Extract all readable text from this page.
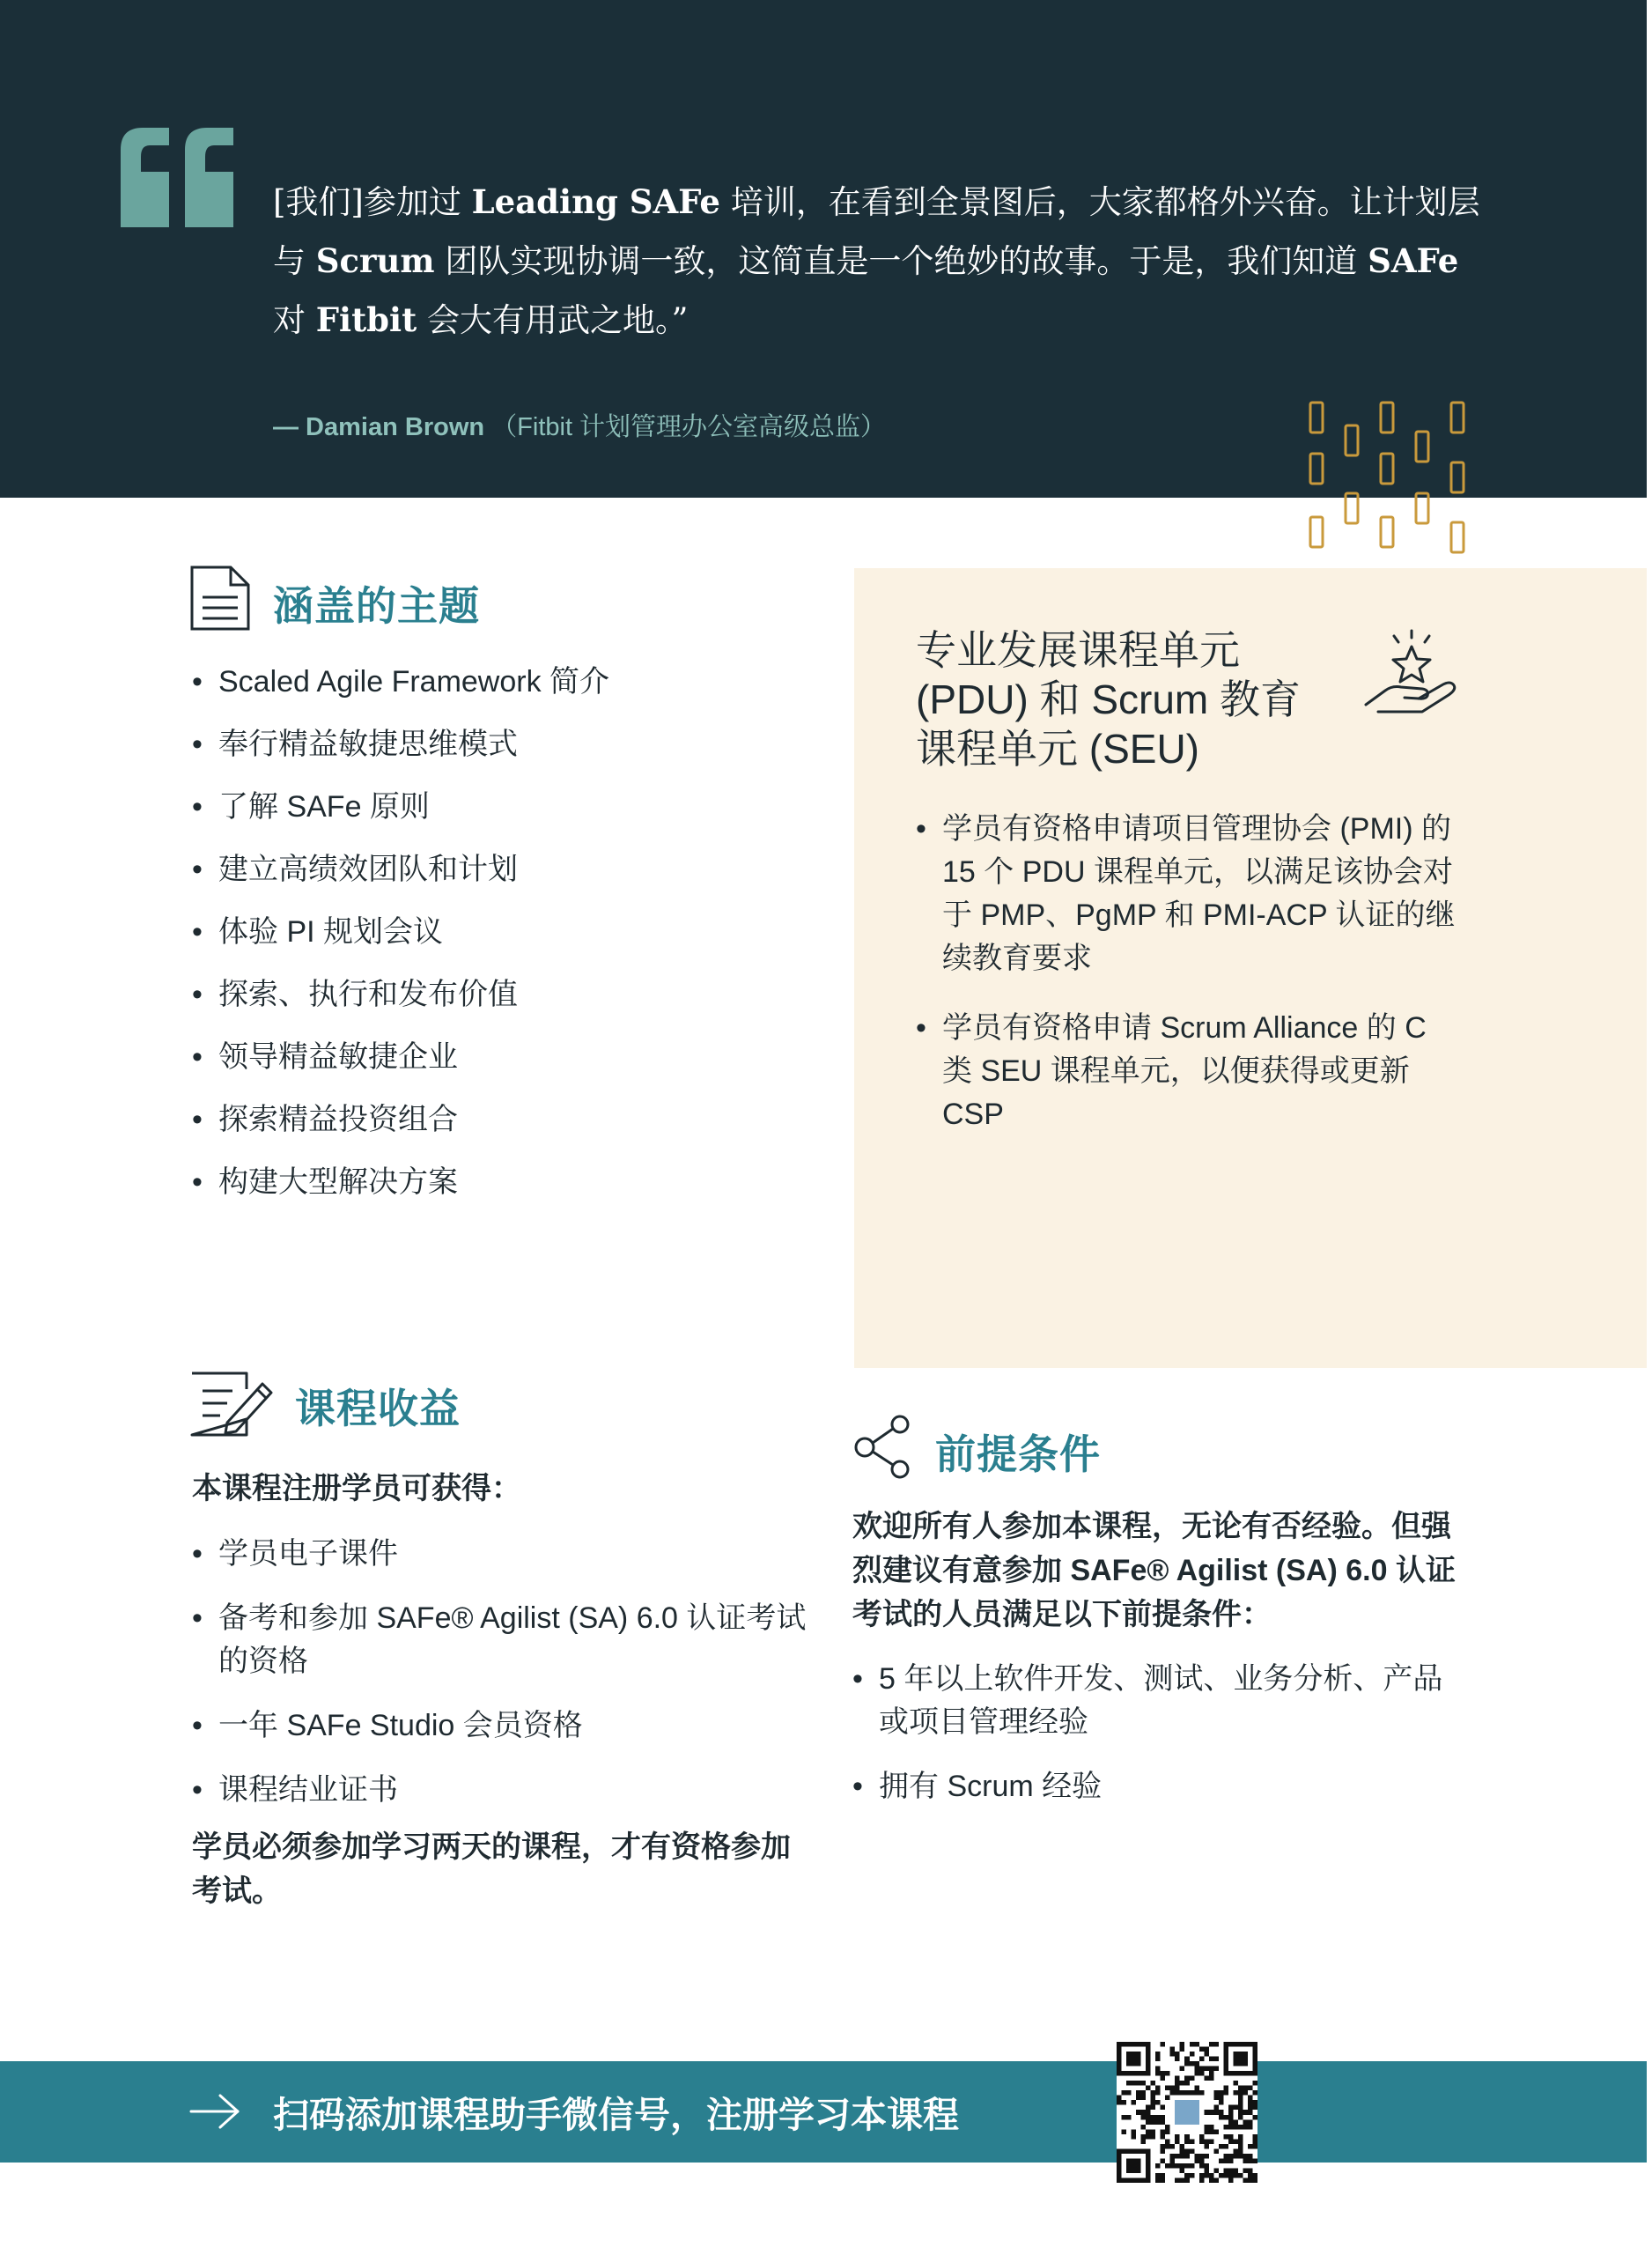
[我们]参加过 Leading SAFe 培训，在看到全景图后，大家都格外兴奋。让计划层
与 Scrum 团队实现协调一致，这简直是一个绝妙的故事。于是，我们知道 SAFe
对 Fitbit 会大有用武之地。”

— Damian Brown （Fitbit 计划管理办公室高级总监）
涵盖的主题
• Scaled Agile Framework 简介
• 奉行精益敏捷思维模式
• 了解 SAFe 原则
• 建立高绩效团队和计划
• 体验 PI 规划会议
• 探索、执行和发布价值
• 领导精益敏捷企业
• 探索精益投资组合
• 构建大型解决方案
专业发展课程单元
(PDU) 和 Scrum 教育
课程单元 (SEU)
• 学员有资格申请项目管理协会 (PMI) 的 15 个 PDU 课程单元，以满足该协会对于 PMP、PgMP 和 PMI-ACP 认证的继续教育要求
• 学员有资格申请 Scrum Alliance 的 C 类 SEU 课程单元，以便获得或更新 CSP
课程收益

本课程注册学员可获得：

• 学员电子课件
• 备考和参加 SAFe® Agilist (SA) 6.0 认证考试的资格
• 一年 SAFe Studio 会员资格
• 课程结业证书

学员必须参加学习两天的课程，才有资格参加考试。

前提条件

欢迎所有人参加本课程，无论有否经验。但强烈建议有意参加 SAFe® Agilist (SA) 6.0 认证考试的人员满足以下前提条件：

• 5 年以上软件开发、测试、业务分析、产品或项目管理经验
• 拥有 Scrum 经验
扫码添加课程助手微信号，注册学习本课程
